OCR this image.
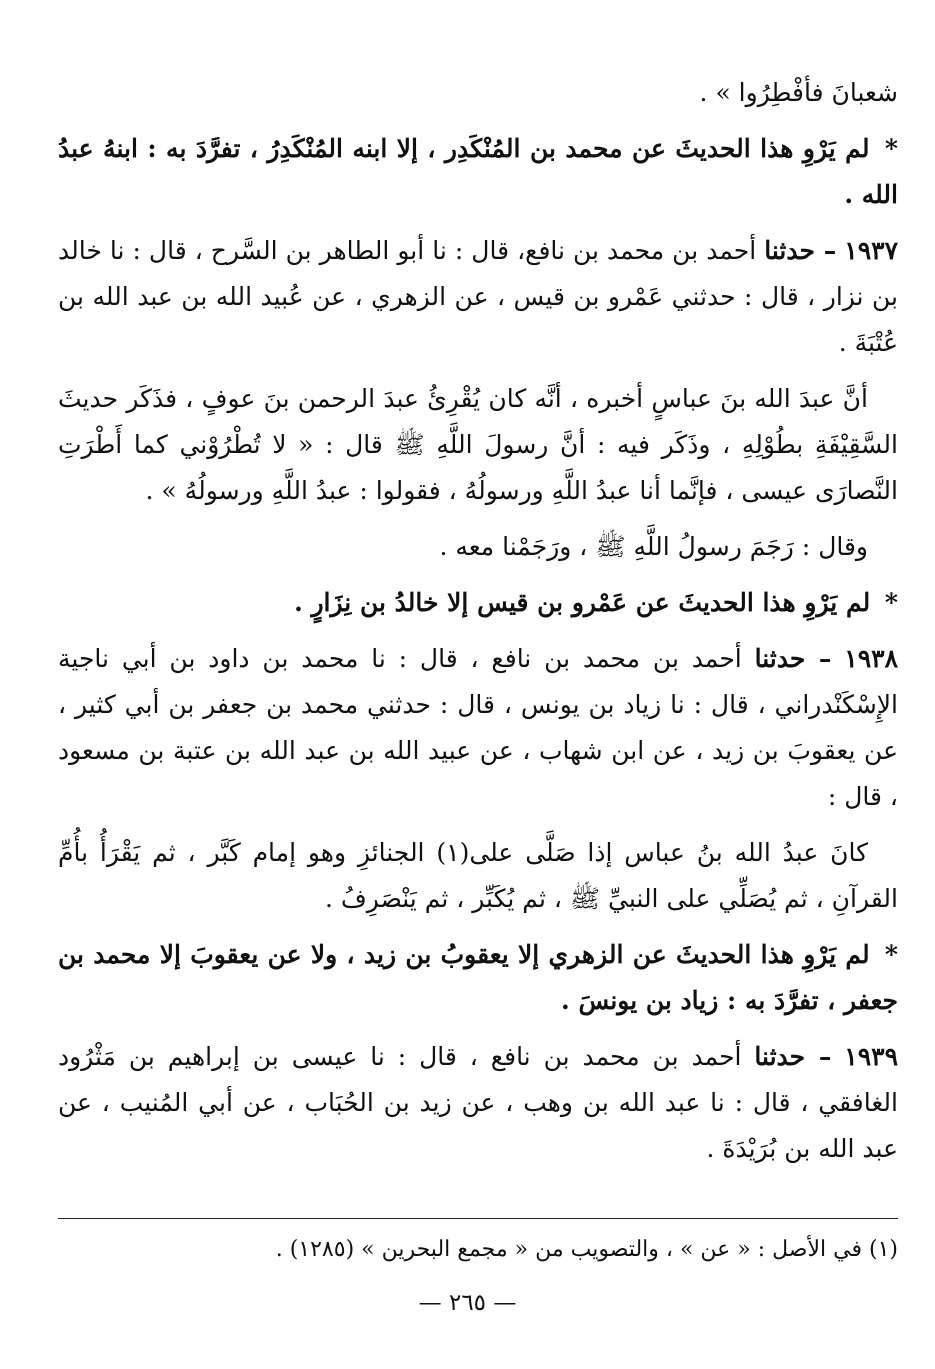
شعبانَ فأفْطِرُوا » .

* لم يَرْوِ هذا الحديثَ عن محمد بن المُنْكَدِر ، إلا ابنه المُنْكَدِرُ ، تفرَّدَ به : ابنهُ عبدُ الله .

١٩٣٧ – حدثنا أحمد بن محمد بن نافع، قال : نا أبو الطاهر بن السَّرح ، قال : نا خالد بن نزار ، قال : حدثني عَمْرو بن قيس ، عن الزهري ، عن عُبيد الله بن عبد الله بن عُتْبَةَ .

أنَّ عبدَ الله بنَ عباسٍ أخبره ، أنَّه كان يُقْرِئُ عبدَ الرحمن بنَ عوفٍ ، فذَكَر حديثَ السَّقِيْفَةِ بطُوْلِهِ ، وذَكَر فيه : أنَّ رسولَ اللَّهِ ﷺ قال : « لا تُطْرُوْني كما أَطْرَتِ النَّصارَى عيسى ، فإنَّما أنا عبدُ اللَّهِ ورسولُهُ ، فقولوا : عبدُ اللَّهِ ورسولُهُ » .

وقال : رَجَمَ رسولُ اللَّهِ ﷺ ، ورَجَمْنا معه .

* لم يَرْوِ هذا الحديثَ عن عَمْرو بن قيس إلا خالدُ بن نِزَارٍ .

١٩٣٨ – حدثنا أحمد بن محمد بن نافع ، قال : نا محمد بن داود بن أبي ناجية الإِسْكَنْدراني ، قال : نا زياد بن يونس ، قال : حدثني محمد بن جعفر بن أبي كثير ، عن يعقوبَ بن زيد ، عن ابن شهاب ، عن عبيد الله بن عبد الله بن عتبة بن مسعود ، قال :

كانَ عبدُ الله بنُ عباس إذا صَلَّى على(١) الجنائزِ وهو إمام كَبَّر ، ثم يَقْرَأُ بأُمِّ القرآنِ ، ثم يُصَلِّي على النبيِّ ﷺ ، ثم يُكَبِّر ، ثم يَنْصَرِفُ .

* لم يَرْوِ هذا الحديثَ عن الزهري إلا يعقوبُ بن زيد ، ولا عن يعقوبَ إلا محمد بن جعفر ، تفرَّدَ به : زياد بن يونسَ .

١٩٣٩ – حدثنا أحمد بن محمد بن نافع ، قال : نا عيسى بن إبراهيم بن مَثْرُود الغافقي ، قال : نا عبد الله بن وهب ، عن زيد بن الحُبَاب ، عن أبي المُنيب ، عن عبد الله بن بُرَيْدَةَ .

(١) في الأصل : « عن » ، والتصويب من « مجمع البحرين » (١٢٨٥) .
— ٢٦٥ —
